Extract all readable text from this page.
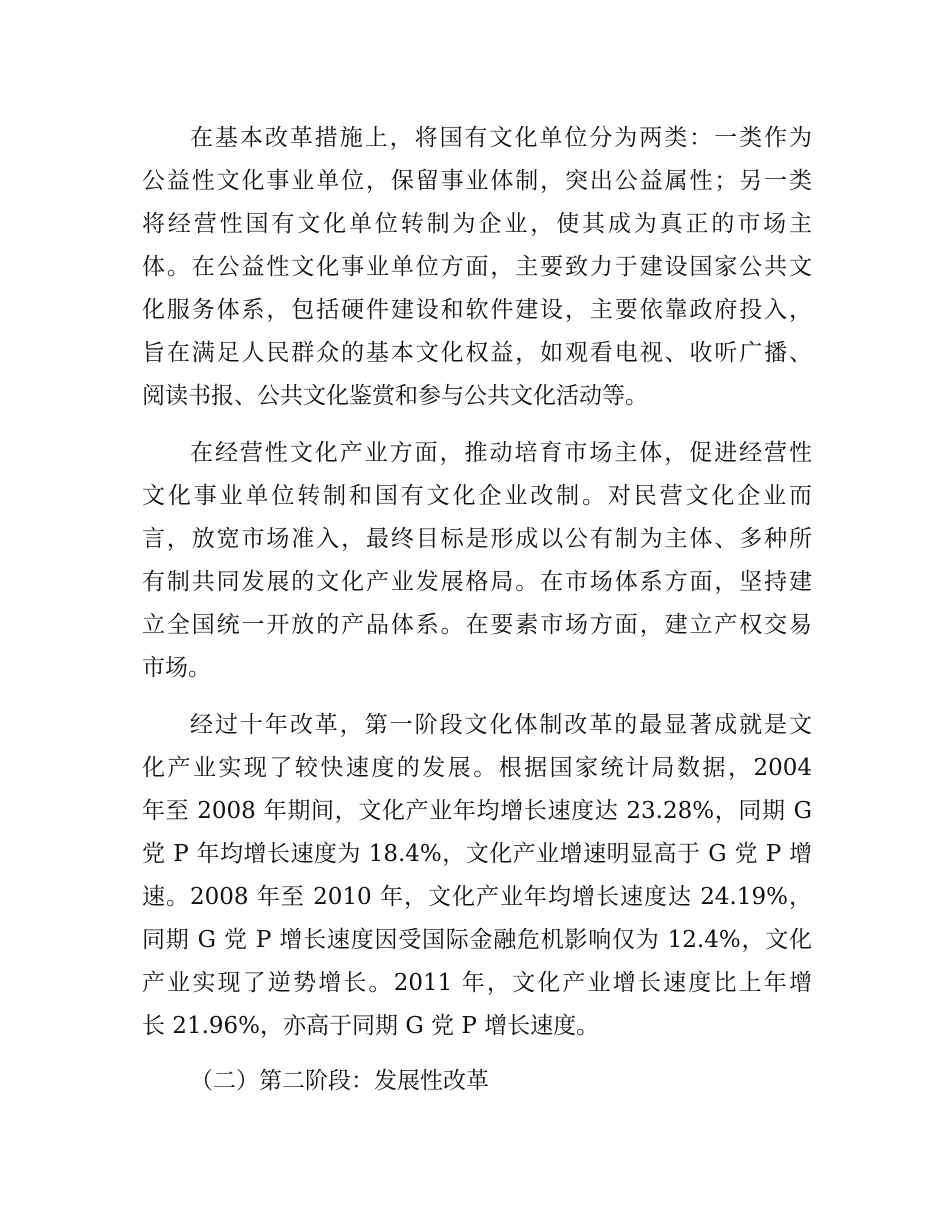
在基本改革措施上，将国有文化单位分为两类：一类作为
公益性文化事业单位，保留事业体制，突出公益属性；另一类
将经营性国有文化单位转制为企业，使其成为真正的市场主
体。在公益性文化事业单位方面，主要致力于建设国家公共文
化服务体系，包括硬件建设和软件建设，主要依靠政府投入，
旨在满足人民群众的基本文化权益，如观看电视、收听广播、
阅读书报、公共文化鉴赏和参与公共文化活动等。
在经营性文化产业方面，推动培育市场主体，促进经营性
文化事业单位转制和国有文化企业改制。对民营文化企业而
言，放宽市场准入，最终目标是形成以公有制为主体、多种所
有制共同发展的文化产业发展格局。在市场体系方面，坚持建
立全国统一开放的产品体系。在要素市场方面，建立产权交易
市场。
经过十年改革，第一阶段文化体制改革的最显著成就是文
化产业实现了较快速度的发展。根据国家统计局数据，2004
年至 2008 年期间，文化产业年均增长速度达 23.28%，同期 G
党 P 年均增长速度为 18.4%，文化产业增速明显高于 G 党 P 增
速。2008 年至 2010 年，文化产业年均增长速度达 24.19%，
同期 G 党 P 增长速度因受国际金融危机影响仅为 12.4%，文化
产业实现了逆势增长。2011 年，文化产业增长速度比上年增
长 21.96%，亦高于同期 G 党 P 增长速度。
（二）第二阶段：发展性改革
